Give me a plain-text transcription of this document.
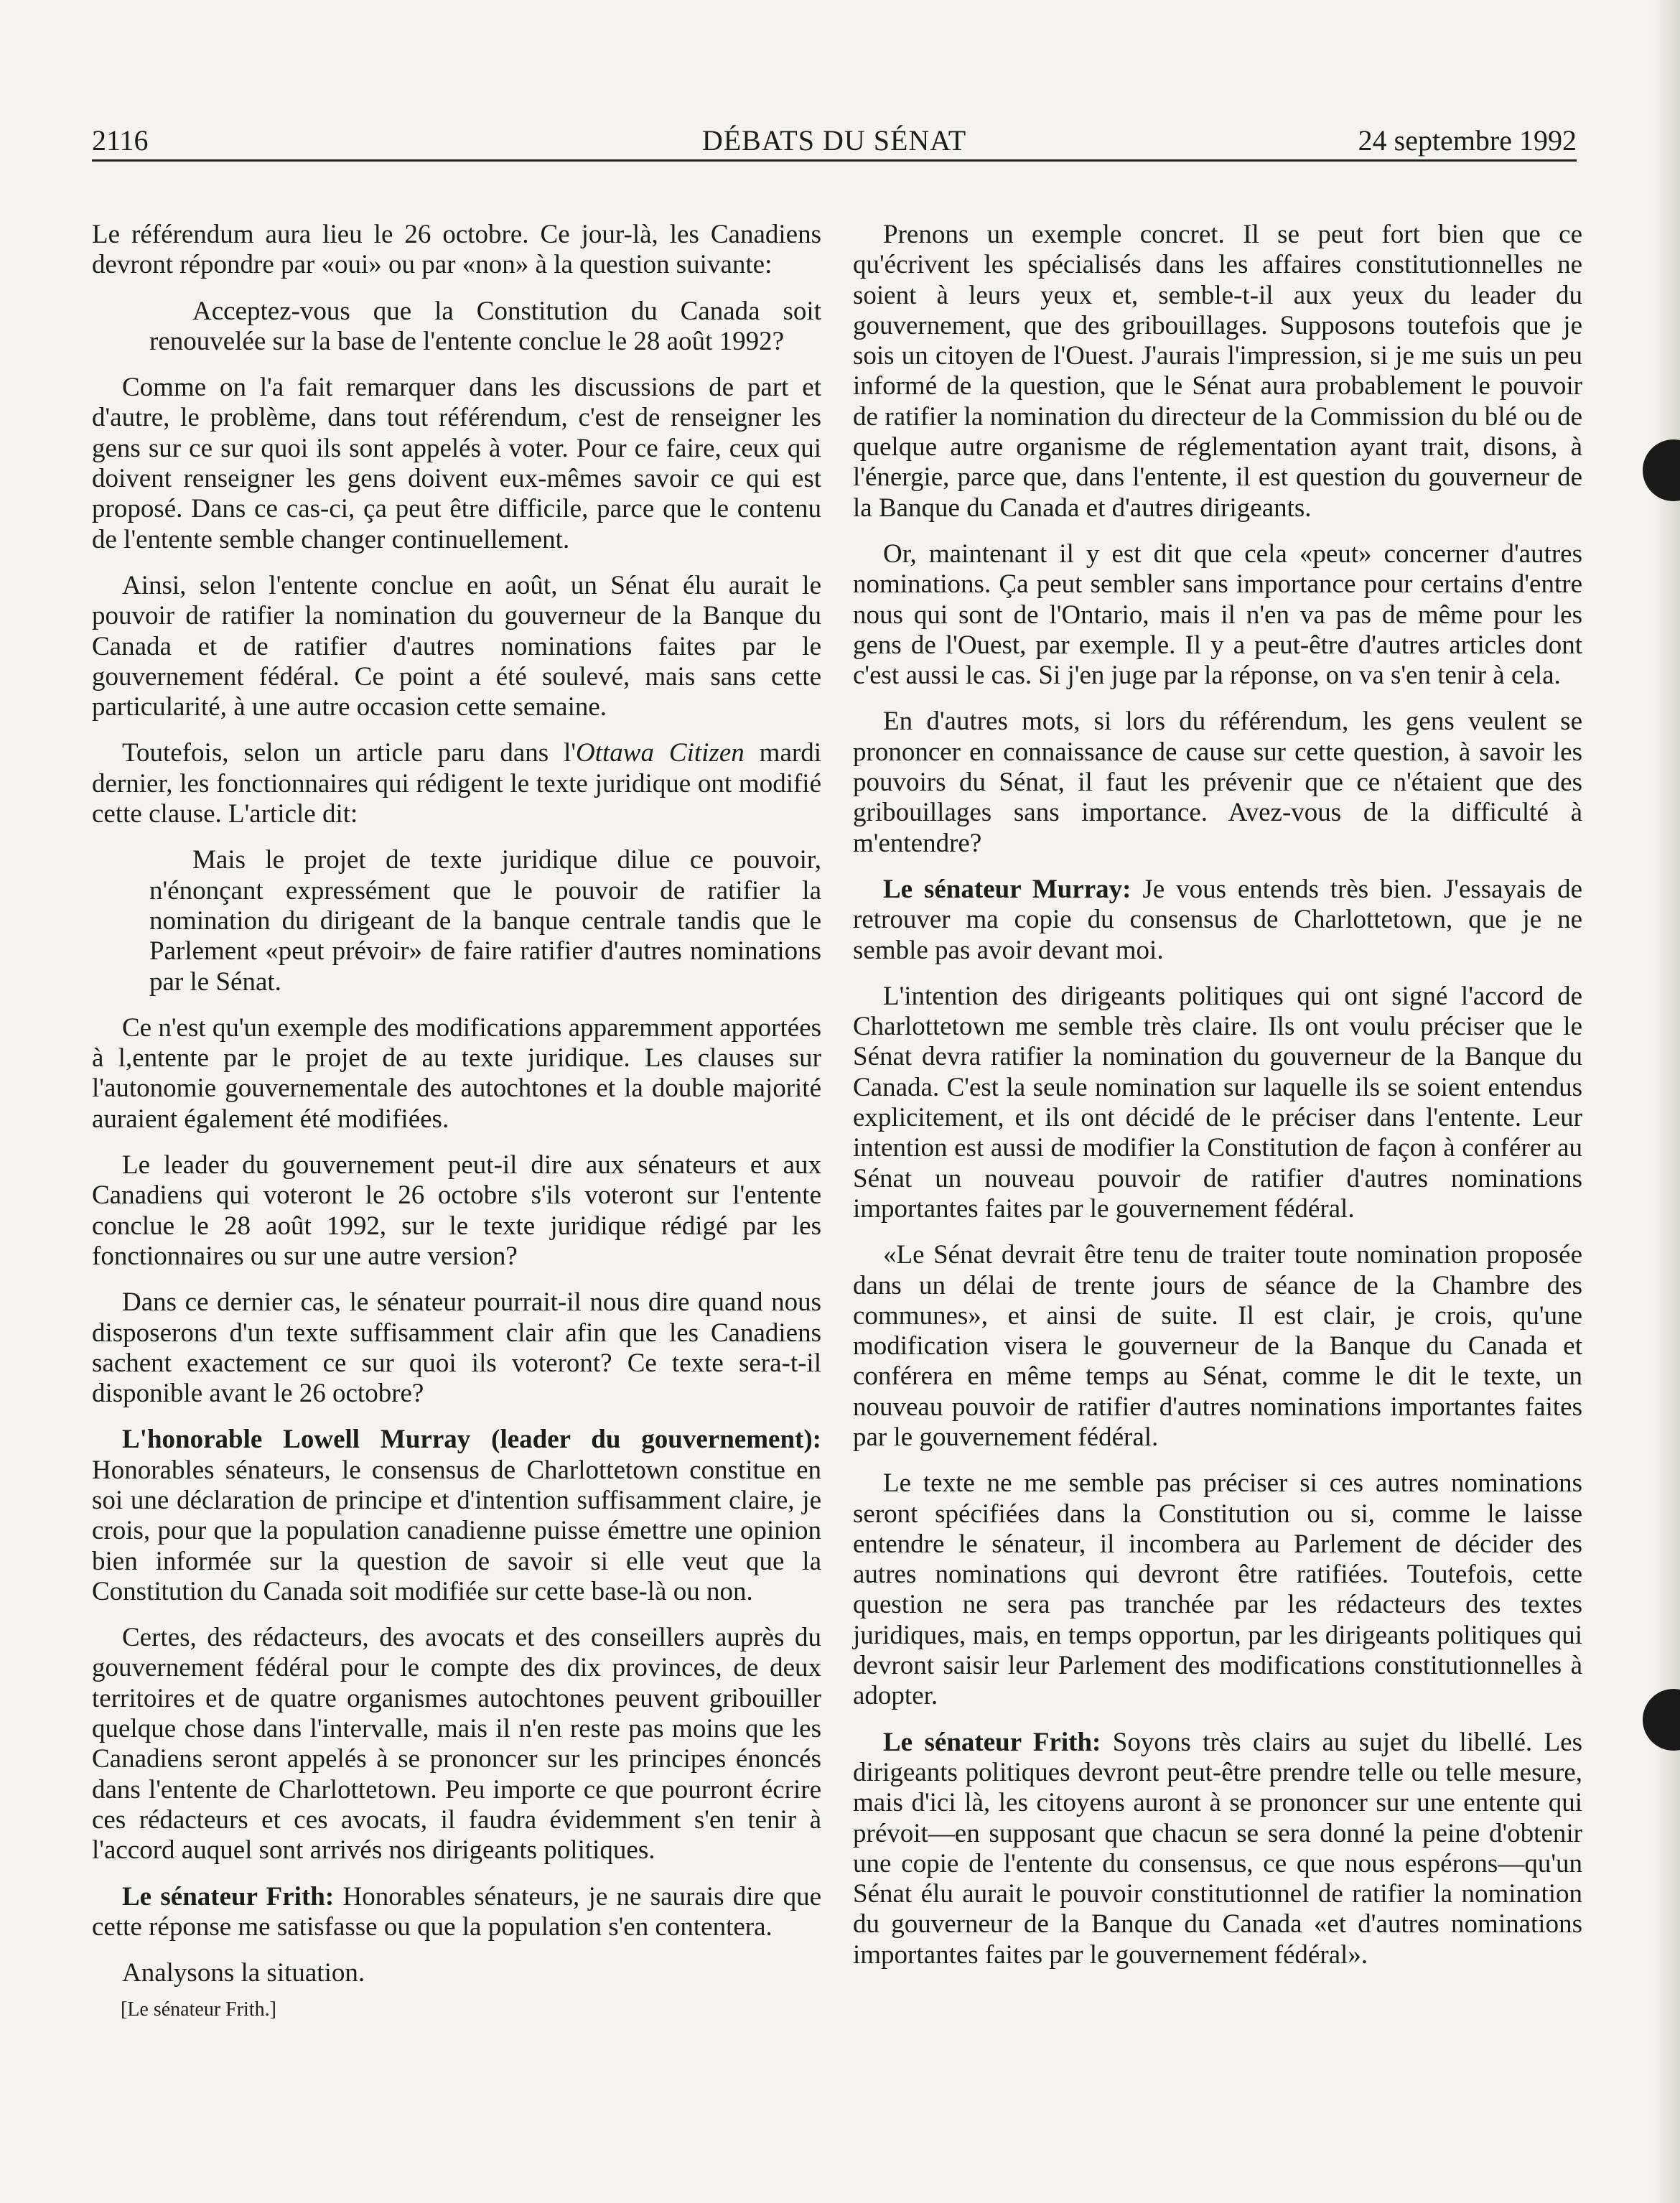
2116	DÉBATS DU SÉNAT	24 septembre 1992

Le référendum aura lieu le 26 octobre. Ce jour-là, les Canadiens devront répondre par «oui» ou par «non» à la question suivante:

Acceptez-vous que la Constitution du Canada soit renouvelée sur la base de l'entente conclue le 28 août 1992?

Comme on l'a fait remarquer dans les discussions de part et d'autre, le problème, dans tout référendum, c'est de renseigner les gens sur ce sur quoi ils sont appelés à voter. Pour ce faire, ceux qui doivent renseigner les gens doivent eux-mêmes savoir ce qui est proposé. Dans ce cas-ci, ça peut être difficile, parce que le contenu de l'entente semble changer continuellement.

Ainsi, selon l'entente conclue en août, un Sénat élu aurait le pouvoir de ratifier la nomination du gouverneur de la Banque du Canada et de ratifier d'autres nominations faites par le gouvernement fédéral. Ce point a été soulevé, mais sans cette particularité, à une autre occasion cette semaine.

Toutefois, selon un article paru dans l'Ottawa Citizen mardi dernier, les fonctionnaires qui rédigent le texte juridique ont modifié cette clause. L'article dit:

Mais le projet de texte juridique dilue ce pouvoir, n'énonçant expressément que le pouvoir de ratifier la nomination du dirigeant de la banque centrale tandis que le Parlement «peut prévoir» de faire ratifier d'autres nominations par le Sénat.

Ce n'est qu'un exemple des modifications apparemment apportées à l,entente par le projet de au texte juridique. Les clauses sur l'autonomie gouvernementale des autochtones et la double majorité auraient également été modifiées.

Le leader du gouvernement peut-il dire aux sénateurs et aux Canadiens qui voteront le 26 octobre s'ils voteront sur l'entente conclue le 28 août 1992, sur le texte juridique rédigé par les fonctionnaires ou sur une autre version?

Dans ce dernier cas, le sénateur pourrait-il nous dire quand nous disposerons d'un texte suffisamment clair afin que les Canadiens sachent exactement ce sur quoi ils voteront? Ce texte sera-t-il disponible avant le 26 octobre?

L'honorable Lowell Murray (leader du gouvernement): Honorables sénateurs, le consensus de Charlottetown constitue en soi une déclaration de principe et d'intention suffisamment claire, je crois, pour que la population canadienne puisse émettre une opinion bien informée sur la question de savoir si elle veut que la Constitution du Canada soit modifiée sur cette base-là ou non.

Certes, des rédacteurs, des avocats et des conseillers auprès du gouvernement fédéral pour le compte des dix provinces, de deux territoires et de quatre organismes autochtones peuvent gribouiller quelque chose dans l'intervalle, mais il n'en reste pas moins que les Canadiens seront appelés à se prononcer sur les principes énoncés dans l'entente de Charlottetown. Peu importe ce que pourront écrire ces rédacteurs et ces avocats, il faudra évidemment s'en tenir à l'accord auquel sont arrivés nos dirigeants politiques.

Le sénateur Frith: Honorables sénateurs, je ne saurais dire que cette réponse me satisfasse ou que la population s'en contentera.

Analysons la situation.

[Le sénateur Frith.]

Prenons un exemple concret. Il se peut fort bien que ce qu'écrivent les spécialisés dans les affaires constitutionnelles ne soient à leurs yeux et, semble-t-il aux yeux du leader du gouvernement, que des gribouillages. Supposons toutefois que je sois un citoyen de l'Ouest. J'aurais l'impression, si je me suis un peu informé de la question, que le Sénat aura probablement le pouvoir de ratifier la nomination du directeur de la Commission du blé ou de quelque autre organisme de réglementation ayant trait, disons, à l'énergie, parce que, dans l'entente, il est question du gouverneur de la Banque du Canada et d'autres dirigeants.

Or, maintenant il y est dit que cela «peut» concerner d'autres nominations. Ça peut sembler sans importance pour certains d'entre nous qui sont de l'Ontario, mais il n'en va pas de même pour les gens de l'Ouest, par exemple. Il y a peut-être d'autres articles dont c'est aussi le cas. Si j'en juge par la réponse, on va s'en tenir à cela.

En d'autres mots, si lors du référendum, les gens veulent se prononcer en connaissance de cause sur cette question, à savoir les pouvoirs du Sénat, il faut les prévenir que ce n'étaient que des gribouillages sans importance. Avez-vous de la difficulté à m'entendre?

Le sénateur Murray: Je vous entends très bien. J'essayais de retrouver ma copie du consensus de Charlottetown, que je ne semble pas avoir devant moi.

L'intention des dirigeants politiques qui ont signé l'accord de Charlottetown me semble très claire. Ils ont voulu préciser que le Sénat devra ratifier la nomination du gouverneur de la Banque du Canada. C'est la seule nomination sur laquelle ils se soient entendus explicitement, et ils ont décidé de le préciser dans l'entente. Leur intention est aussi de modifier la Constitution de façon à conférer au Sénat un nouveau pouvoir de ratifier d'autres nominations importantes faites par le gouvernement fédéral.

«Le Sénat devrait être tenu de traiter toute nomination proposée dans un délai de trente jours de séance de la Chambre des communes», et ainsi de suite. Il est clair, je crois, qu'une modification visera le gouverneur de la Banque du Canada et conférera en même temps au Sénat, comme le dit le texte, un nouveau pouvoir de ratifier d'autres nominations importantes faites par le gouvernement fédéral.

Le texte ne me semble pas préciser si ces autres nominations seront spécifiées dans la Constitution ou si, comme le laisse entendre le sénateur, il incombera au Parlement de décider des autres nominations qui devront être ratifiées. Toutefois, cette question ne sera pas tranchée par les rédacteurs des textes juridiques, mais, en temps opportun, par les dirigeants politiques qui devront saisir leur Parlement des modifications constitutionnelles à adopter.

Le sénateur Frith: Soyons très clairs au sujet du libellé. Les dirigeants politiques devront peut-être prendre telle ou telle mesure, mais d'ici là, les citoyens auront à se prononcer sur une entente qui prévoit—en supposant que chacun se sera donné la peine d'obtenir une copie de l'entente du consensus, ce que nous espérons—qu'un Sénat élu aurait le pouvoir constitutionnel de ratifier la nomination du gouverneur de la Banque du Canada «et d'autres nominations importantes faites par le gouvernement fédéral».
